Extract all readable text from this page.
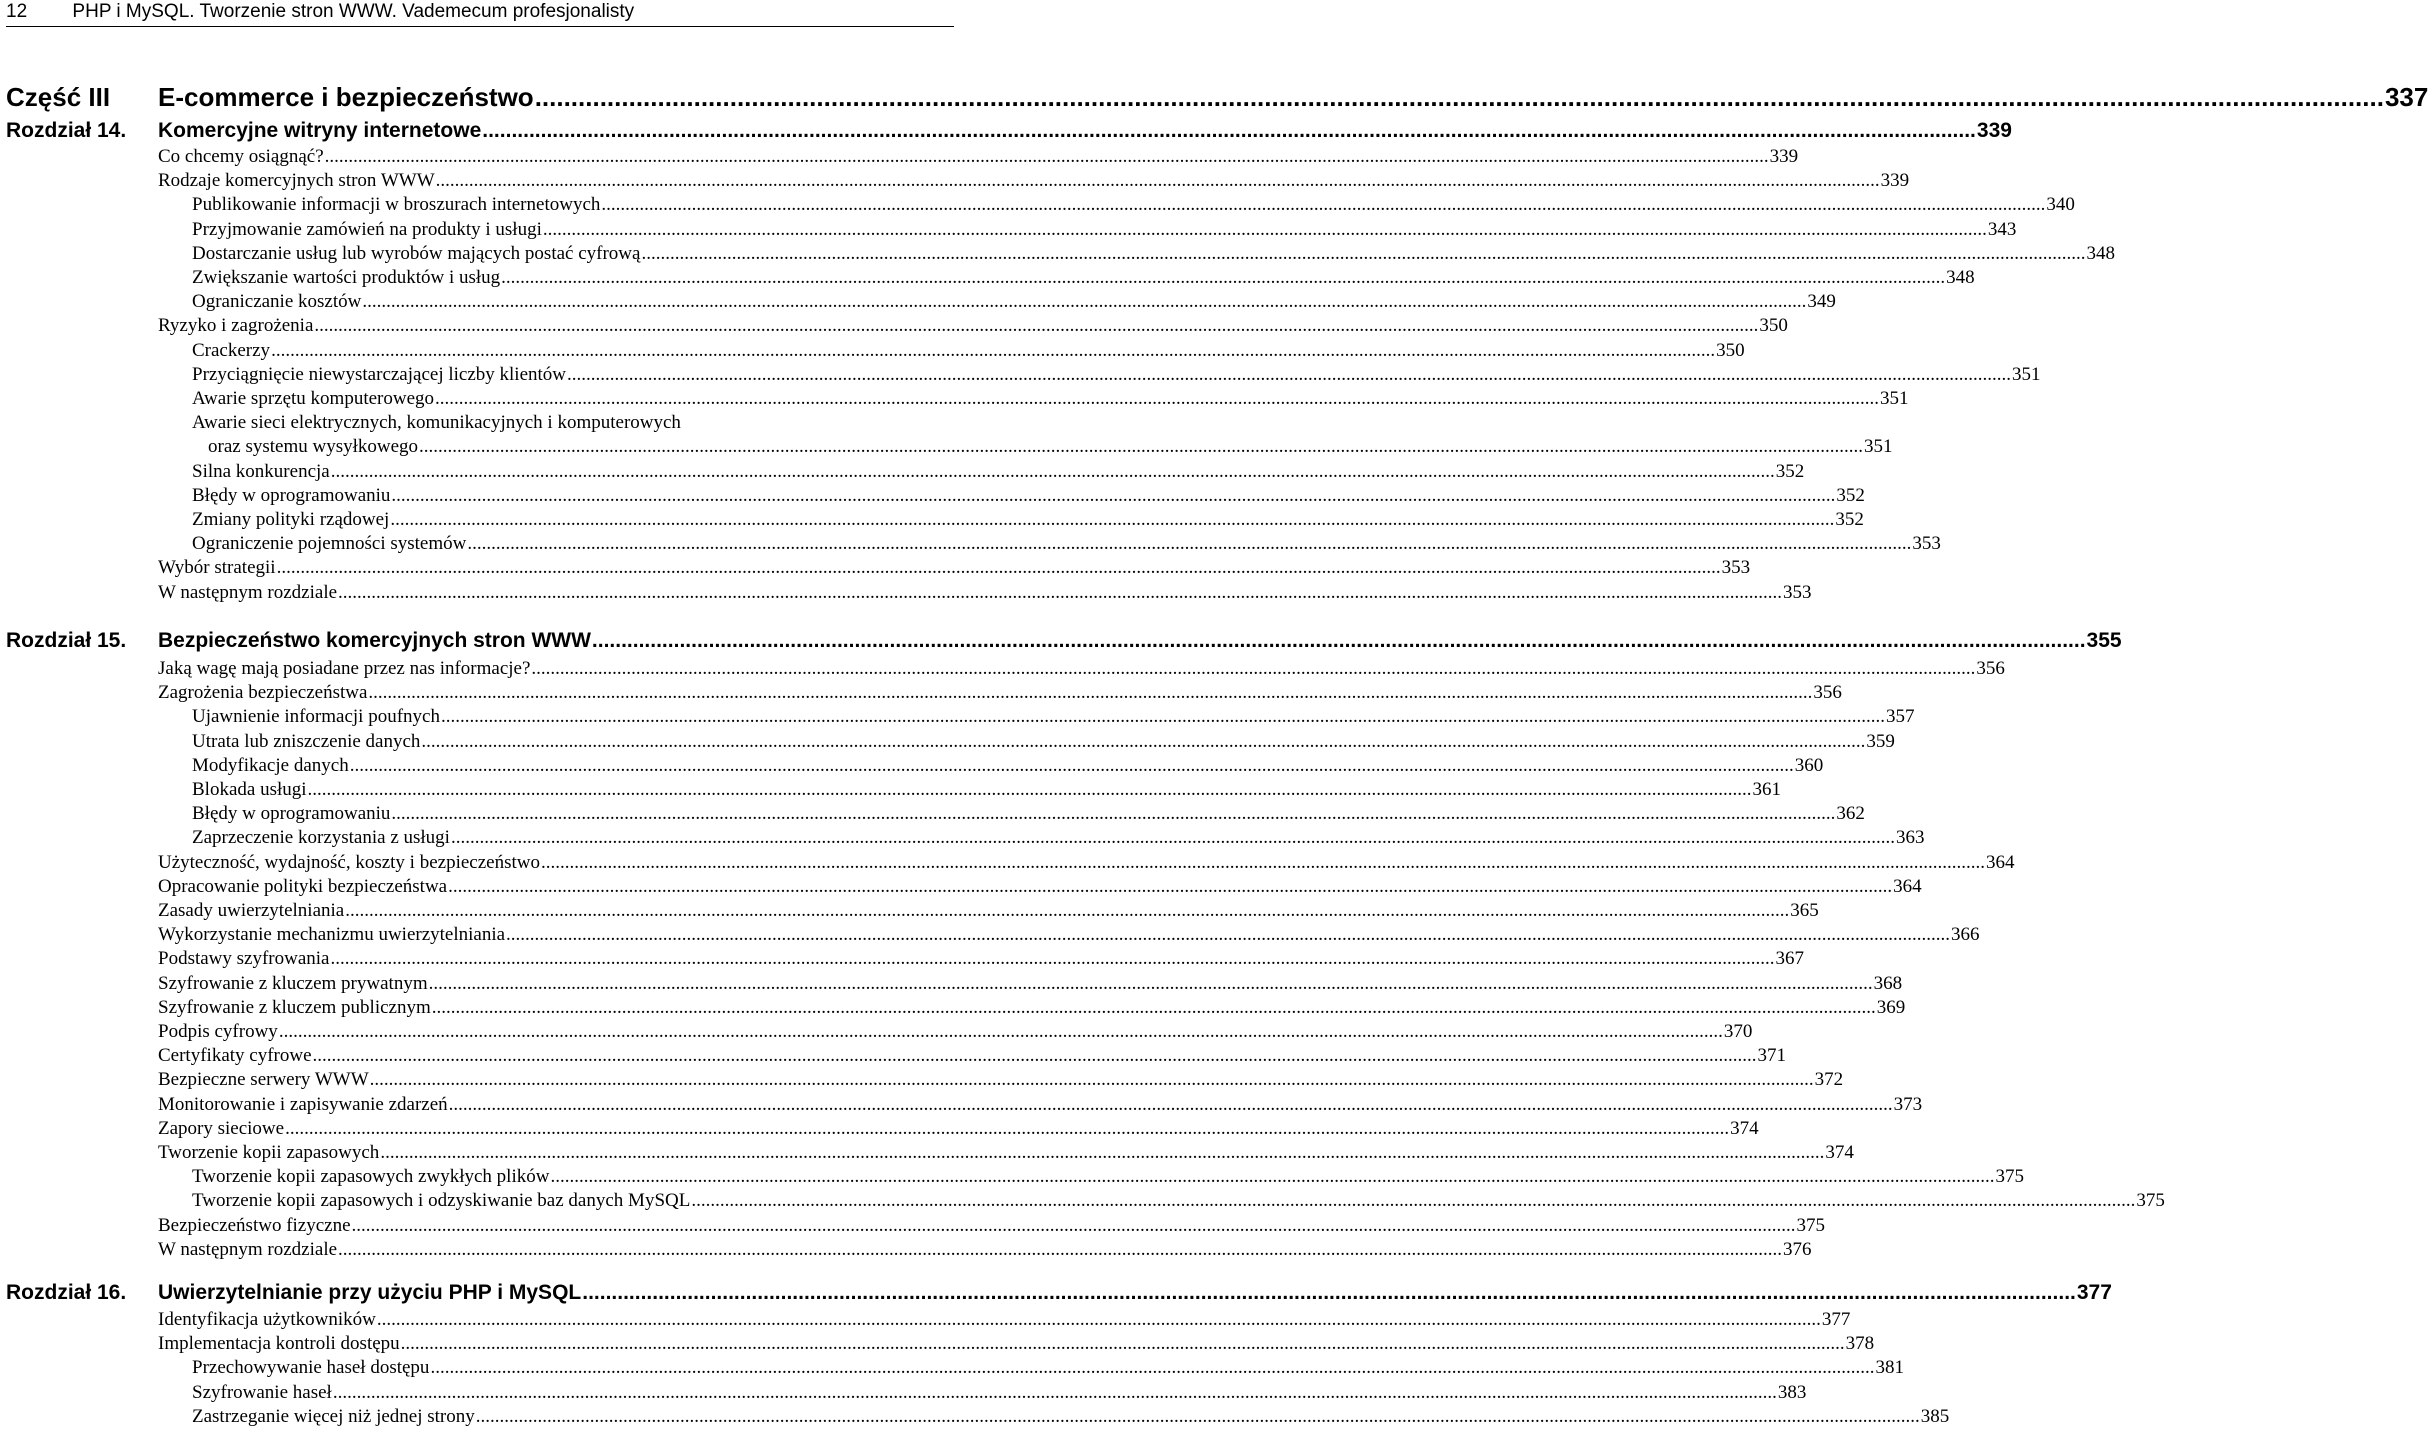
12 PHP i MySQL. Tworzenie stron WWW. Vademecum profesjonalisty
Część III E-commerce i bezpieczeństwo .....	337
Rozdział 14. Komercyjne witryny internetowe .....	339
Co chcemy osiągnąć? .....	339
Rodzaje komercyjnych stron WWW .....	339
Publikowanie informacji w broszurach internetowych .....	340
Przyjmowanie zamówień na produkty i usługi .....	343
Dostarczanie usług lub wyrobów mających postać cyfrową .....	348
Zwiększanie wartości produktów i usług .....	348
Ograniczanie kosztów .....	349
Ryzyko i zagrożenia .....	350
Crackerzy .....	350
Przyciągnięcie niewystarczającej liczby klientów .....	351
Awarie sprzętu komputerowego .....	351
Awarie sieci elektrycznych, komunikacyjnych i komputerowych
oraz systemu wysyłkowego .....	351
Silna konkurencja .....	352
Błędy w oprogramowaniu .....	352
Zmiany polityki rządowej .....	352
Ograniczenie pojemności systemów .....	353
Wybór strategii .....	353
W następnym rozdziale .....	353
Rozdział 15. Bezpieczeństwo komercyjnych stron WWW .....	355
Jaką wagę mają posiadane przez nas informacje? .....	356
Zagrożenia bezpieczeństwa .....	356
Ujawnienie informacji poufnych .....	357
Utrata lub zniszczenie danych .....	359
Modyfikacje danych .....	360
Blokada usługi .....	361
Błędy w oprogramowaniu .....	362
Zaprzeczenie korzystania z usługi .....	363
Użyteczność, wydajność, koszty i bezpieczeństwo .....	364
Opracowanie polityki bezpieczeństwa .....	364
Zasady uwierzytelniania .....	365
Wykorzystanie mechanizmu uwierzytelniania .....	366
Podstawy szyfrowania .....	367
Szyfrowanie z kluczem prywatnym .....	368
Szyfrowanie z kluczem publicznym .....	369
Podpis cyfrowy .....	370
Certyfikaty cyfrowe .....	371
Bezpieczne serwery WWW .....	372
Monitorowanie i zapisywanie zdarzeń .....	373
Zapory sieciowe .....	374
Tworzenie kopii zapasowych .....	374
Tworzenie kopii zapasowych zwykłych plików .....	375
Tworzenie kopii zapasowych i odzyskiwanie baz danych MySQL .....	375
Bezpieczeństwo fizyczne .....	375
W następnym rozdziale .....	376
Rozdział 16. Uwierzytelnianie przy użyciu PHP i MySQL .....	377
Identyfikacja użytkowników .....	377
Implementacja kontroli dostępu .....	378
Przechowywanie haseł dostępu .....	381
Szyfrowanie haseł .....	383
Zastrzeganie więcej niż jednej strony .....	385
